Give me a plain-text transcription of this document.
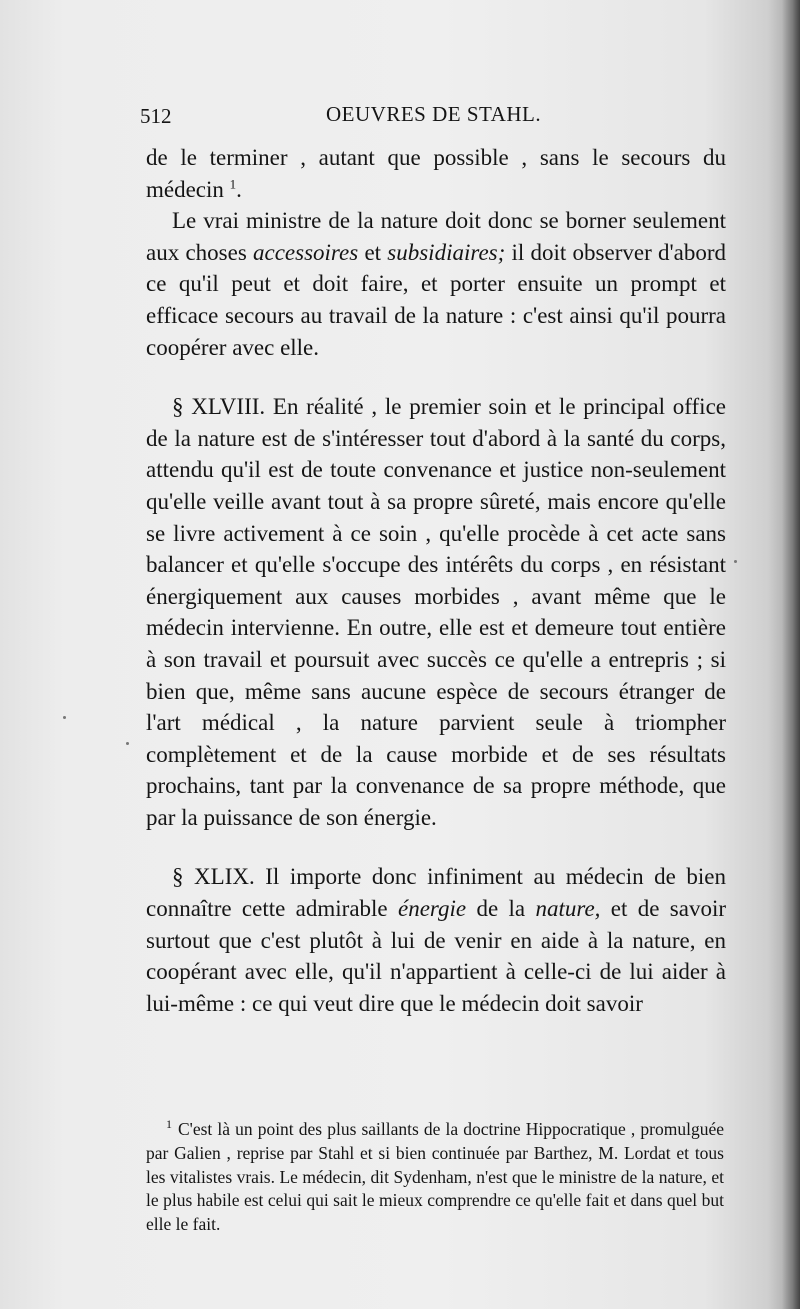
512	OEUVRES DE STAHL.

de le terminer , autant que possible , sans le secours du médecin $^1$.

Le vrai ministre de la nature doit donc se borner seulement aux choses accessoires et subsidiaires; il doit observer d'abord ce qu'il peut et doit faire, et porter ensuite un prompt et efficace secours au travail de la nature : c'est ainsi qu'il pourra coopérer avec elle.

§ XLVIII. En réalité , le premier soin et le principal office de la nature est de s'intéresser tout d'abord à la santé du corps, attendu qu'il est de toute convenance et justice non-seulement qu'elle veille avant tout à sa propre sûreté, mais encore qu'elle se livre activement à ce soin , qu'elle procède à cet acte sans balancer et qu'elle s'occupe des intérêts du corps , en résistant énergiquement aux causes morbides , avant même que le médecin intervienne. En outre, elle est et demeure tout entière à son travail et poursuit avec succès ce qu'elle a entrepris ; si bien que, même sans aucune espèce de secours étranger de l'art médical , la nature parvient seule à triompher complètement et de la cause morbide et de ses résultats prochains, tant par la convenance de sa propre méthode, que par la puissance de son énergie.

§ XLIX. Il importe donc infiniment au médecin de bien connaître cette admirable énergie de la nature, et de savoir surtout que c'est plutôt à lui de venir en aide à la nature, en coopérant avec elle, qu'il n'appartient à celle-ci de lui aider à lui-même : ce qui veut dire que le médecin doit savoir

$^1$ C'est là un point des plus saillants de la doctrine Hippocratique , promulguée par Galien , reprise par Stahl et si bien continuée par Barthez, M. Lordat et tous les vitalistes vrais. Le médecin, dit Sydenham, n'est que le ministre de la nature, et le plus habile est celui qui sait le mieux comprendre ce qu'elle fait et dans quel but elle le fait.
